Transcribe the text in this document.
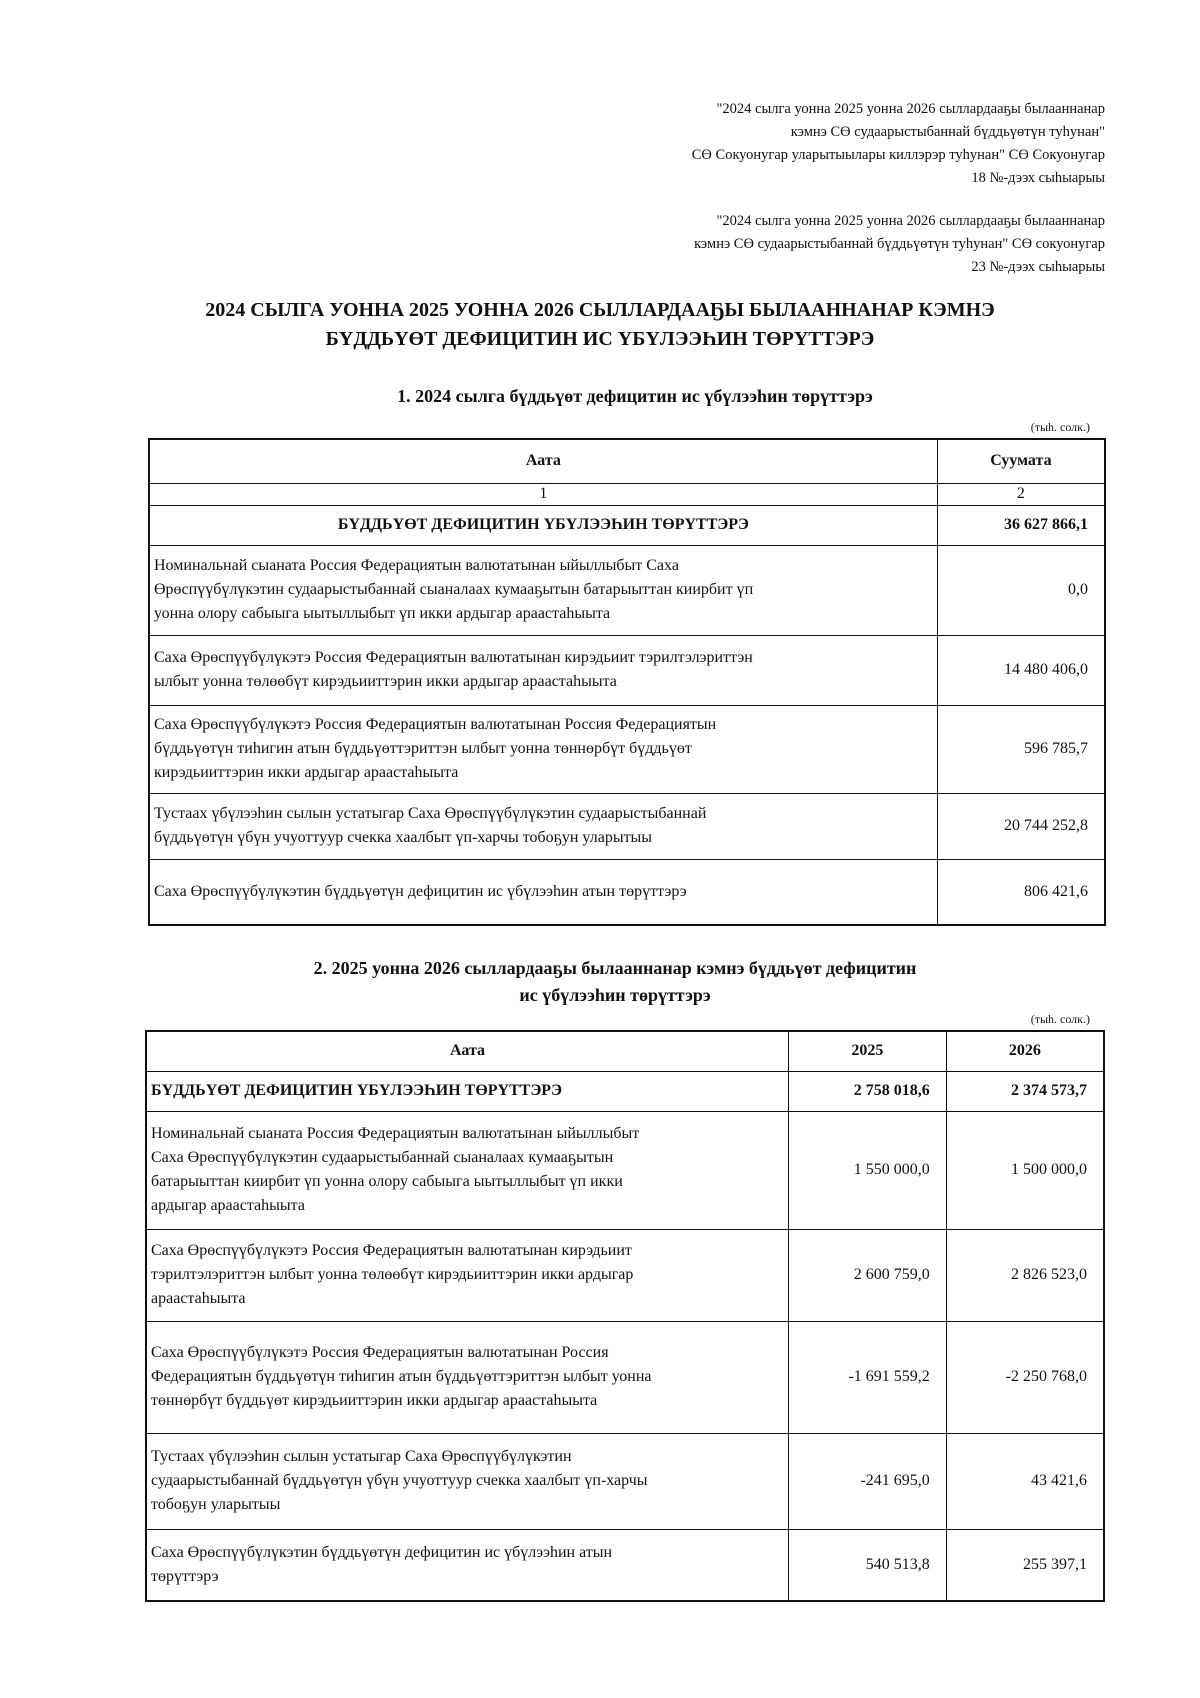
"2024 сылга уонна 2025 уонна 2026 сыллардааҕы былааннанар
кэмнэ СӨ судаарыстыбаннай бүддьүөтүн туһунан"
СӨ Сокуонугар уларытыылары киллэрэр туһунан" СӨ Сокуонугар
18 №-дээх сыһыарыы
"2024 сылга уонна 2025 уонна 2026 сыллардааҕы былааннанар
кэмнэ СӨ судаарыстыбаннай бүддьүөтүн туһунан" СӨ сокуонугар
23 №-дээх сыһыарыы
2024 СЫЛГА УОННА 2025 УОННА 2026 СЫЛЛАРДААҔЫ БЫЛААННАНАР КЭМНЭ
БҮДДЬҮӨТ ДЕФИЦИТИН ИС ҮБҮЛЭЭҺИН ТӨРҮТТЭРЭ
1. 2024 сылга бүддьүөт дефицитин ис үбүлээһин төрүттэрэ
(тыһ. солк.)
Аата	Суумата
1	2
БҮДДЬҮӨТ ДЕФИЦИТИН ҮБҮЛЭЭҺИН ТӨРҮТТЭРЭ	36 627 866,1

Номинальнай сыаната Россия Федерациятын валютатынан ыйыллыбыт Саха
Өрөспүүбүлүкэтин судаарыстыбаннай сыаналаах кумааҕытын батарыыттан киирбит үп
уонна олору сабыыга ыытыллыбыт үп икки ардыгар араастаһыыта	0,0

Саха Өрөспүүбүлүкэтэ Россия Федерациятын валютатынан кирэдьиит тэрилтэлэриттэн
ылбыт уонна төлөөбүт кирэдьииттэрин икки ардыгар араастаһыыта	14 480 406,0

Саха Өрөспүүбүлүкэтэ Россия Федерациятын валютатынан Россия Федерациятын
бүддьүөтүн тиһигин атын бүддьүөттэриттэн ылбыт уонна төннөрбүт бүддьүөт
кирэдьииттэрин икки ардыгар араастаһыыта	596 785,7

Тустаах үбүлээһин сылын устатыгар Саха Өрөспүүбүлүкэтин судаарыстыбаннай
бүддьүөтүн үбүн учуоттуур счекка хаалбыт үп-харчы тобоҕун уларытыы	20 744 252,8

Саха Өрөспүүбүлүкэтин бүддьүөтүн дефицитин ис үбүлээһин атын төрүттэрэ	806 421,6
2. 2025 уонна 2026 сыллардааҕы былааннанар кэмнэ бүддьүөт дефицитин
ис үбүлээһин төрүттэрэ
(тыһ. солк.)
Аата	2025	2026
БҮДДЬҮӨТ ДЕФИЦИТИН ҮБҮЛЭЭҺИН ТӨРҮТТЭРЭ	2 758 018,6	2 374 573,7

Номинальнай сыаната Россия Федерациятын валютатынан ыйыллыбыт
Саха Өрөспүүбүлүкэтин судаарыстыбаннай сыаналаах кумааҕытын
батарыыттан киирбит үп уонна олору сабыыга ыытыллыбыт үп икки
ардыгар араастаһыыта	1 550 000,0	1 500 000,0

Саха Өрөспүүбүлүкэтэ Россия Федерациятын валютатынан кирэдьиит
тэрилтэлэриттэн ылбыт уонна төлөөбүт кирэдьииттэрин икки ардыгар
араастаһыыта	2 600 759,0	2 826 523,0

Саха Өрөспүүбүлүкэтэ Россия Федерациятын валютатынан Россия
Федерациятын бүддьүөтүн тиһигин атын бүддьүөттэриттэн ылбыт уонна
төннөрбүт бүддьүөт кирэдьииттэрин икки ардыгар араастаһыыта	-1 691 559,2	-2 250 768,0

Тустаах үбүлээһин сылын устатыгар Саха Өрөспүүбүлүкэтин
судаарыстыбаннай бүддьүөтүн үбүн учуоттуур счекка хаалбыт үп-харчы
тобоҕун уларытыы	-241 695,0	43 421,6

Саха Өрөспүүбүлүкэтин бүддьүөтүн дефицитин ис үбүлээһин атын
төрүттэрэ	540 513,8	255 397,1
